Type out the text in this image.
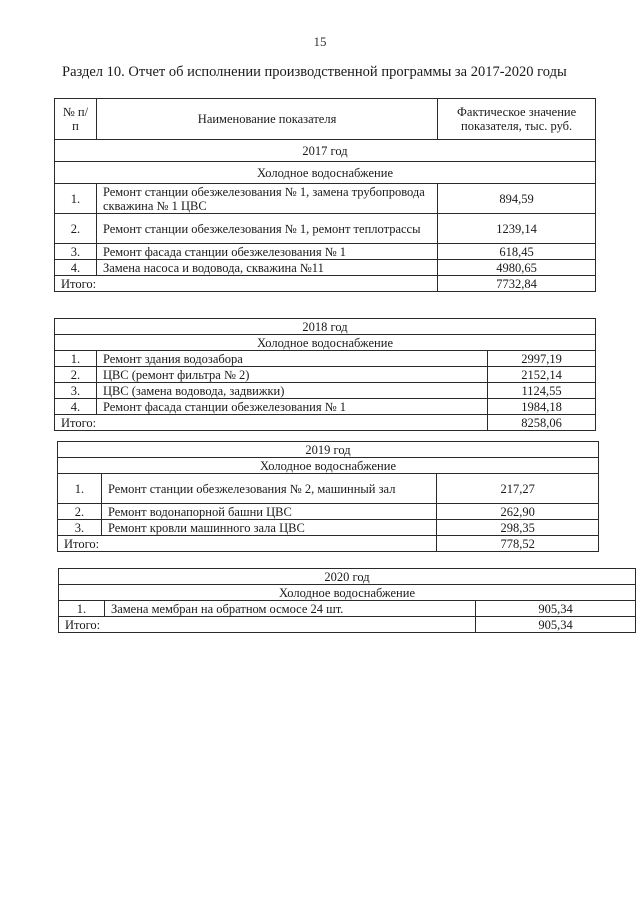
15
Раздел 10. Отчет об исполнении производственной программы за 2017-2020 годы
№ п/п	Наименование показателя	Фактическое значение показателя, тыс. руб.
2017 год		
Холодное водоснабжение		
1.	Ремонт станции обезжелезования № 1, замена трубопровода скважина № 1 ЦВС	894,59
2.	Ремонт станции обезжелезования № 1, ремонт теплотрассы	1239,14
3.	Ремонт фасада станции обезжелезования № 1	618,45
4.	Замена насоса и водовода, скважина №11	4980,65
Итого:		7732,84
2018 год		
Холодное водоснабжение		
1.	Ремонт здания водозабора	2997,19
2.	ЦВС (ремонт фильтра № 2)	2152,14
3.	ЦВС (замена водовода, задвижки)	1124,55
4.	Ремонт фасада станции обезжелезования № 1	1984,18
Итого:		8258,06
2019 год		
Холодное водоснабжение		
1.	Ремонт станции обезжелезования № 2, машинный зал	217,27
2.	Ремонт водонапорной башни ЦВС	262,90
3.	Ремонт кровли машинного зала ЦВС	298,35
Итого:		778,52
2020 год		
Холодное водоснабжение		
1.	Замена мембран на обратном осмосе 24 шт.	905,34
Итого:		905,34
